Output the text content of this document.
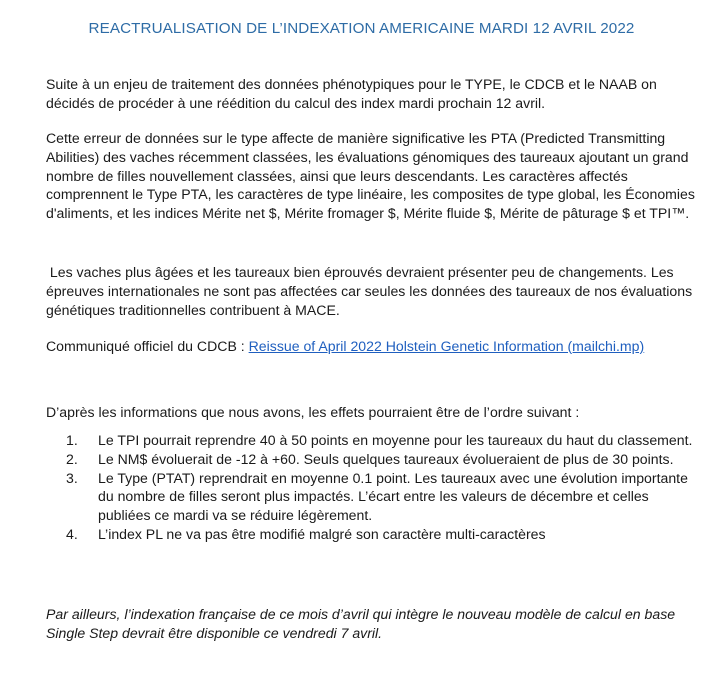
REACTRUALISATION DE L’INDEXATION AMERICAINE MARDI 12 AVRIL 2022
Suite à un enjeu de traitement des données phénotypiques pour le TYPE, le CDCB et le NAAB on décidés de procéder à une réédition du calcul des index mardi prochain 12 avril.
Cette erreur de données sur le type affecte de manière significative les PTA (Predicted Transmitting Abilities) des vaches récemment classées, les évaluations génomiques des taureaux ajoutant un grand nombre de filles nouvellement classées, ainsi que leurs descendants. Les caractères affectés comprennent le Type PTA, les caractères de type linéaire, les composites de type global, les Économies d'aliments, et les indices Mérite net $, Mérite fromager $, Mérite fluide $, Mérite de pâturage $ et TPI™.
Les vaches plus âgées et les taureaux bien éprouvés devraient présenter peu de changements. Les épreuves internationales ne sont pas affectées car seules les données des taureaux de nos évaluations génétiques traditionnelles contribuent à MACE.
Communiqué officiel du CDCB : Reissue of April 2022 Holstein Genetic Information (mailchi.mp)
D’après les informations que nous avons, les effets pourraient être de l’ordre suivant :
1. Le TPI pourrait reprendre 40 à 50 points en moyenne pour les taureaux du haut du classement.
2. Le NM$ évoluerait de -12 à +60. Seuls quelques taureaux évolueraient de plus de 30 points.
3. Le Type (PTAT) reprendrait en moyenne 0.1 point. Les taureaux avec une évolution importante du nombre de filles seront plus impactés. L’écart entre les valeurs de décembre et celles publiées ce mardi va se réduire légèrement.
4. L’index PL ne va pas être modifié malgré son caractère multi-caractères
Par ailleurs, l’indexation française de ce mois d’avril qui intègre le nouveau modèle de calcul en base Single Step devrait être disponible ce vendredi 7 avril.
